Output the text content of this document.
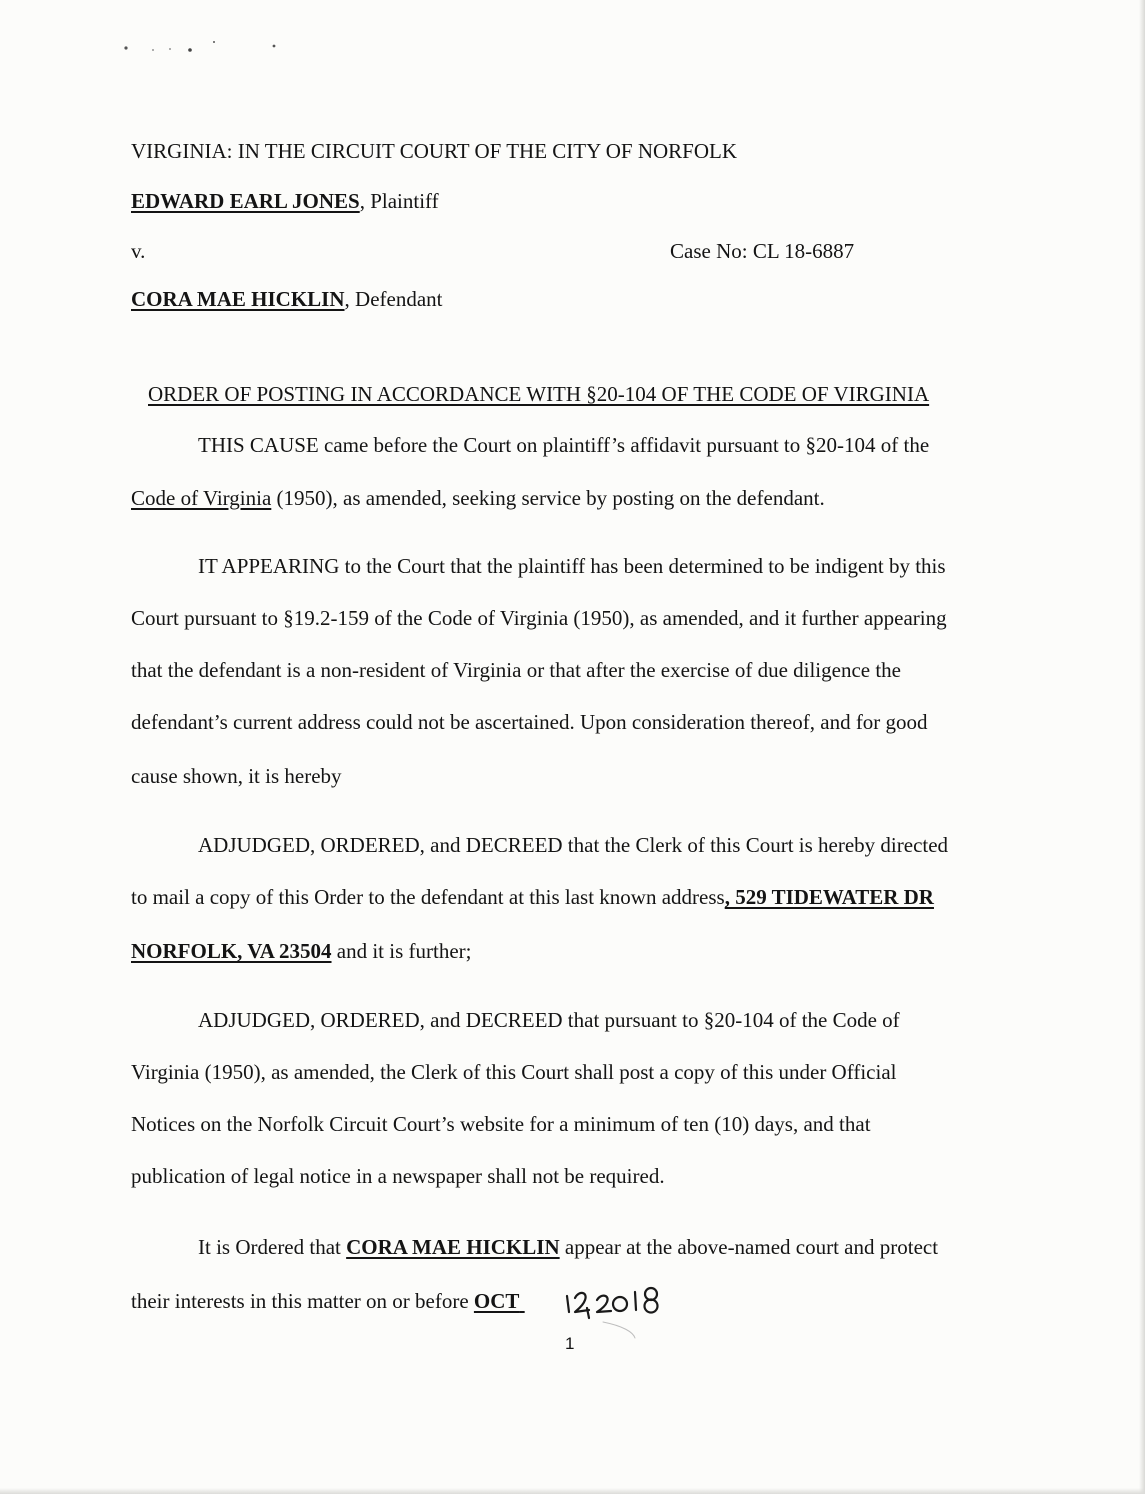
VIRGINIA: IN THE CIRCUIT COURT OF THE CITY OF NORFOLK
EDWARD EARL JONES, Plaintiff
v.	Case No: CL 18-6887
CORA MAE HICKLIN, Defendant
ORDER OF POSTING IN ACCORDANCE WITH §20-104 OF THE CODE OF VIRGINIA
THIS CAUSE came before the Court on plaintiff’s affidavit pursuant to §20-104 of the
Code of Virginia (1950), as amended, seeking service by posting on the defendant.
IT APPEARING to the Court that the plaintiff has been determined to be indigent by this
Court pursuant to §19.2-159 of the Code of Virginia (1950), as amended, and it further appearing
that the defendant is a non-resident of Virginia or that after the exercise of due diligence the
defendant’s current address could not be ascertained. Upon consideration thereof, and for good
cause shown, it is hereby
ADJUDGED, ORDERED, and DECREED that the Clerk of this Court is hereby directed
to mail a copy of this Order to the defendant at this last known address, 529 TIDEWATER DR
NORFOLK, VA 23504 and it is further;
ADJUDGED, ORDERED, and DECREED that pursuant to §20-104 of the Code of
Virginia (1950), as amended, the Clerk of this Court shall post a copy of this under Official
Notices on the Norfolk Circuit Court’s website for a minimum of ten (10) days, and that
publication of legal notice in a newspaper shall not be required.
It is Ordered that CORA MAE HICKLIN appear at the above-named court and protect
their interests in this matter on or before OCT
1
